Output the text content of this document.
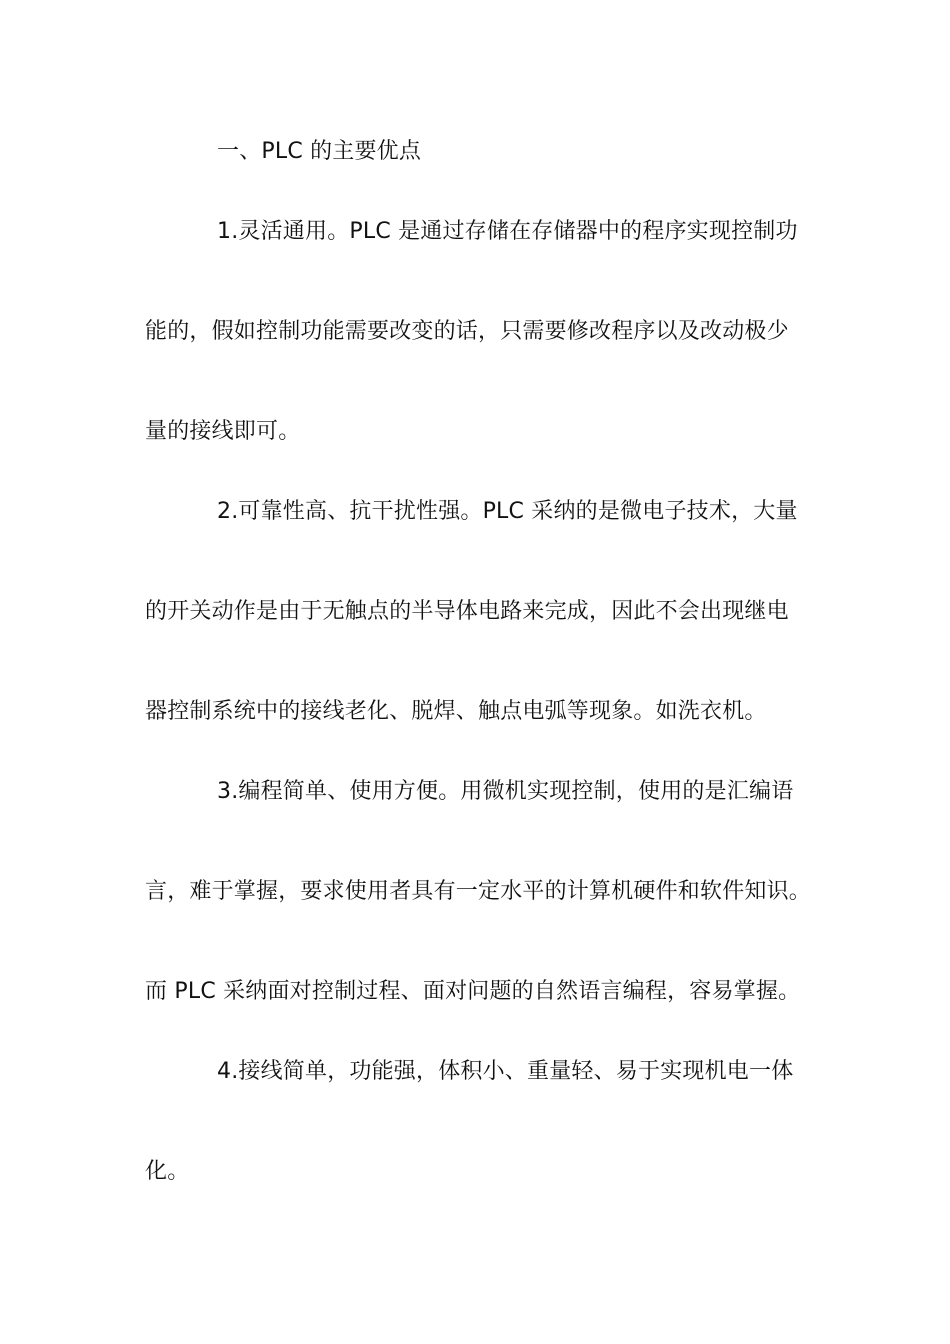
一、PLC 的主要优点
1.灵活通用。PLC 是通过存储在存储器中的程序实现控制功
能的，假如控制功能需要改变的话，只需要修改程序以及改动极少
量的接线即可。
2.可靠性高、抗干扰性强。PLC 采纳的是微电子技术，大量
的开关动作是由于无触点的半导体电路来完成，因此不会出现继电
器控制系统中的接线老化、脱焊、触点电弧等现象。如洗衣机。
3.编程简单、使用方便。用微机实现控制，使用的是汇编语
言，难于掌握，要求使用者具有一定水平的计算机硬件和软件知识。
而 PLC 采纳面对控制过程、面对问题的自然语言编程，容易掌握。
4.接线简单，功能强，体积小、重量轻、易于实现机电一体
化。
